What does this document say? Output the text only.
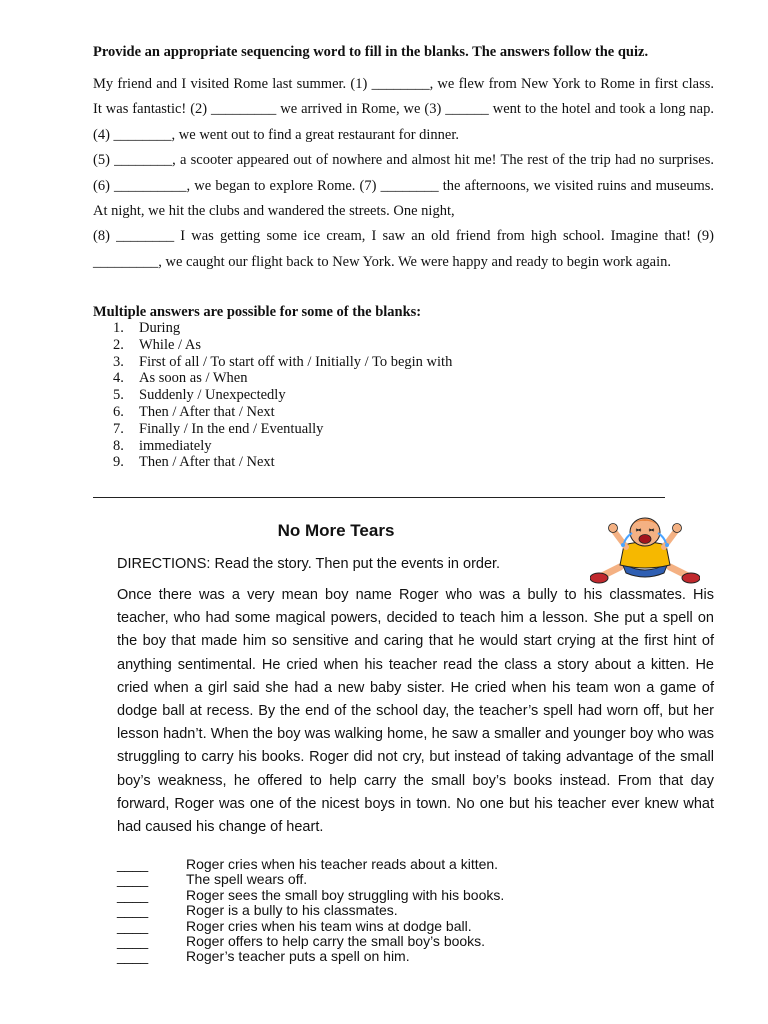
Provide an appropriate sequencing word to fill in the blanks. The answers follow the quiz.

My friend and I visited Rome last summer. (1) ________, we flew from New York to Rome in first class. It was fantastic! (2) _________ we arrived in Rome, we (3) ______ went to the hotel and took a long nap. (4) ________, we went out to find a great restaurant for dinner.

(5) ________, a scooter appeared out of nowhere and almost hit me! The rest of the trip had no surprises. (6) __________, we began to explore Rome. (7) ________ the afternoons, we visited ruins and museums. At night, we hit the clubs and wandered the streets. One night,

(8) ________ I was getting some ice cream, I saw an old friend from high school. Imagine that! (9) _________, we caught our flight back to New York. We were happy and ready to begin work again.

Multiple answers are possible for some of the blanks:
1.	During
2.	While / As
3.	First of all / To start off with / Initially / To begin with
4.	As soon as / When
5.	Suddenly / Unexpectedly
6.	Then / After that / Next
7.	Finally / In the end / Eventually
8.	immediately
9.	Then / After that / Next
No More Tears
DIRECTIONS: Read the story. Then put the events in order.

Once there was a very mean boy name Roger who was a bully to his classmates. His teacher, who had some magical powers, decided to teach him a lesson. She put a spell on the boy that made him so sensitive and caring that he would start crying at the first hint of anything sentimental. He cried when his teacher read the class a story about a kitten. He cried when a girl said she had a new baby sister. He cried when his team won a game of dodge ball at recess. By the end of the school day, the teacher’s spell had worn off, but her lesson hadn’t. When the boy was walking home, he saw a smaller and younger boy who was struggling to carry his books. Roger did not cry, but instead of taking advantage of the small boy’s weakness, he offered to help carry the small boy’s books instead. From that day forward, Roger was one of the nicest boys in town. No one but his teacher ever knew what had caused his change of heart.

____	Roger cries when his teacher reads about a kitten.
____	The spell wears off.
____	Roger sees the small boy struggling with his books.
____	Roger is a bully to his classmates.
____	Roger cries when his team wins at dodge ball.
____	Roger offers to help carry the small boy’s books.
____	Roger’s teacher puts a spell on him.
